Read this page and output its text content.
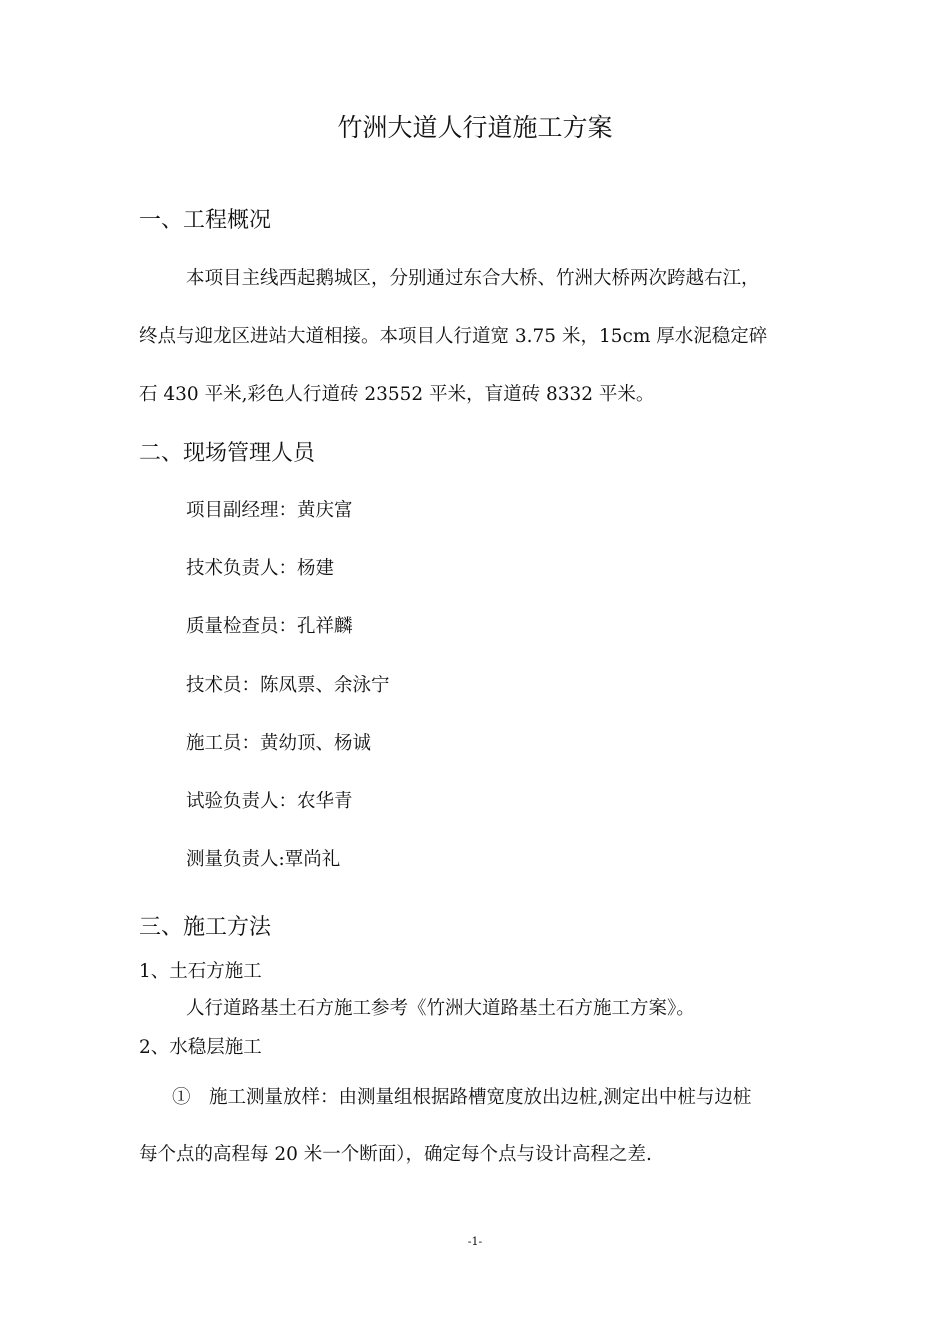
竹洲大道人行道施工方案
一、工程概况
本项目主线西起鹅城区，分别通过东合大桥、竹洲大桥两次跨越右江，
终点与迎龙区进站大道相接。本项目人行道宽 3.75 米，15cm 厚水泥稳定碎
石 430 平米,彩色人行道砖 23552 平米，盲道砖 8332 平米。
二、现场管理人员
项目副经理：黄庆富
技术负责人：杨建
质量检查员：孔祥麟
技术员：陈凤票、余泳宁
施工员：黄幼顶、杨诚
试验负责人：农华青
测量负责人:覃尚礼
三、施工方法
1、土石方施工
人行道路基土石方施工参考《竹洲大道路基土石方施工方案》。
2、水稳层施工
①　施工测量放样：由测量组根据路槽宽度放出边桩,测定出中桩与边桩
每个点的高程每 20 米一个断面），确定每个点与设计高程之差.
-1-
